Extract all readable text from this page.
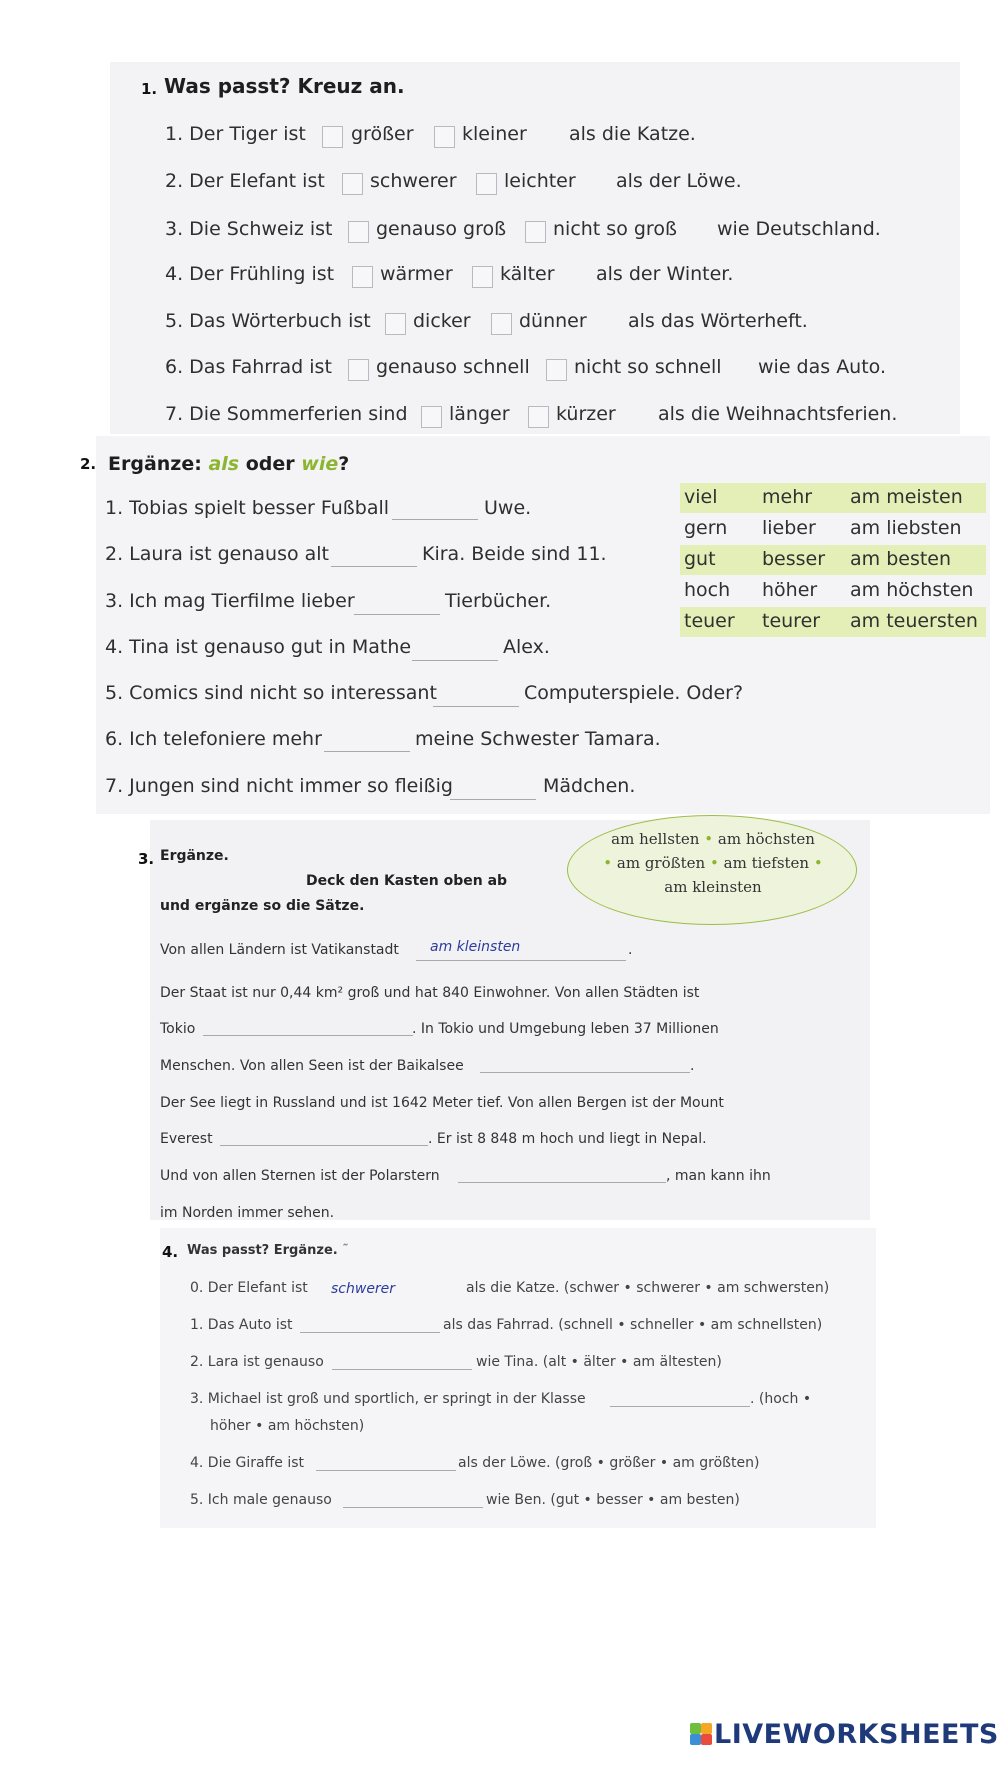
1. Was passt? Kreuz an.
1. Der Tiger ist größer	kleiner als die Katze.
2. Der Elefant ist schwerer leichter als der Löwe.
3. Die Schweiz ist genauso groß nicht so groß wie Deutschland.
4. Der Frühling ist wärmer kälter als der Winter.
5. Das Wörterbuch ist dicker	dünner als das Wörterheft.
6. Das Fahrrad ist genauso schnell nicht so schnell wie das Auto.
7. Die Sommerferien sind länger kürzer als die Weihnachtsferien.
2. Ergänze: als oder wie?
1. Tobias spielt besser Fußball	Uwe.
2. Laura ist genauso alt	Kira. Beide sind 11.
3. Ich mag Tierfilme lieber	Tierbücher.
4. Tina ist genauso gut in Mathe	Alex.
5. Comics sind nicht so interessant	Computerspiele. Oder?
6. Ich telefoniere mehr	meine Schwester Tamara.
7. Jungen sind nicht immer so fleißig	Mädchen.
viel mehr am meisten
gern lieber am liebsten
gut besser am besten
hoch höher am höchsten
teuer teurer am teuersten
3. Ergänze.
Deck den Kasten oben ab
und ergänze so die Sätze.
am hellsten • am höchsten
• am größten • am tiefsten •
am kleinsten
Von allen Ländern ist Vatikanstadt am kleinsten	.
Der Staat ist nur 0,44 km² groß und hat 840 Einwohner. Von allen Städten ist
Tokio	. In Tokio und Umgebung leben 37 Millionen
Menschen. Von allen Seen ist der Baikalsee	.
Der See liegt in Russland und ist 1642 Meter tief. Von allen Bergen ist der Mount
Everest	. Er ist 8 848 m hoch und liegt in Nepal.
Und von allen Sternen ist der Polarstern	, man kann ihn
im Norden immer sehen.
4. Was passt? Ergänze. ˜
0. Der Elefant ist schwerer	als die Katze. (schwer • schwerer • am schwersten)
1. Das Auto ist	als das Fahrrad. (schnell • schneller • am schnellsten)
2. Lara ist genauso	wie Tina. (alt • älter • am ältesten)
3. Michael ist groß und sportlich, er springt in der Klasse	. (hoch •
höher • am höchsten)
4. Die Giraffe ist	als der Löwe. (groß • größer • am größten)
5. Ich male genauso	wie Ben. (gut • besser • am besten)
LIVEWORKSHEETS
